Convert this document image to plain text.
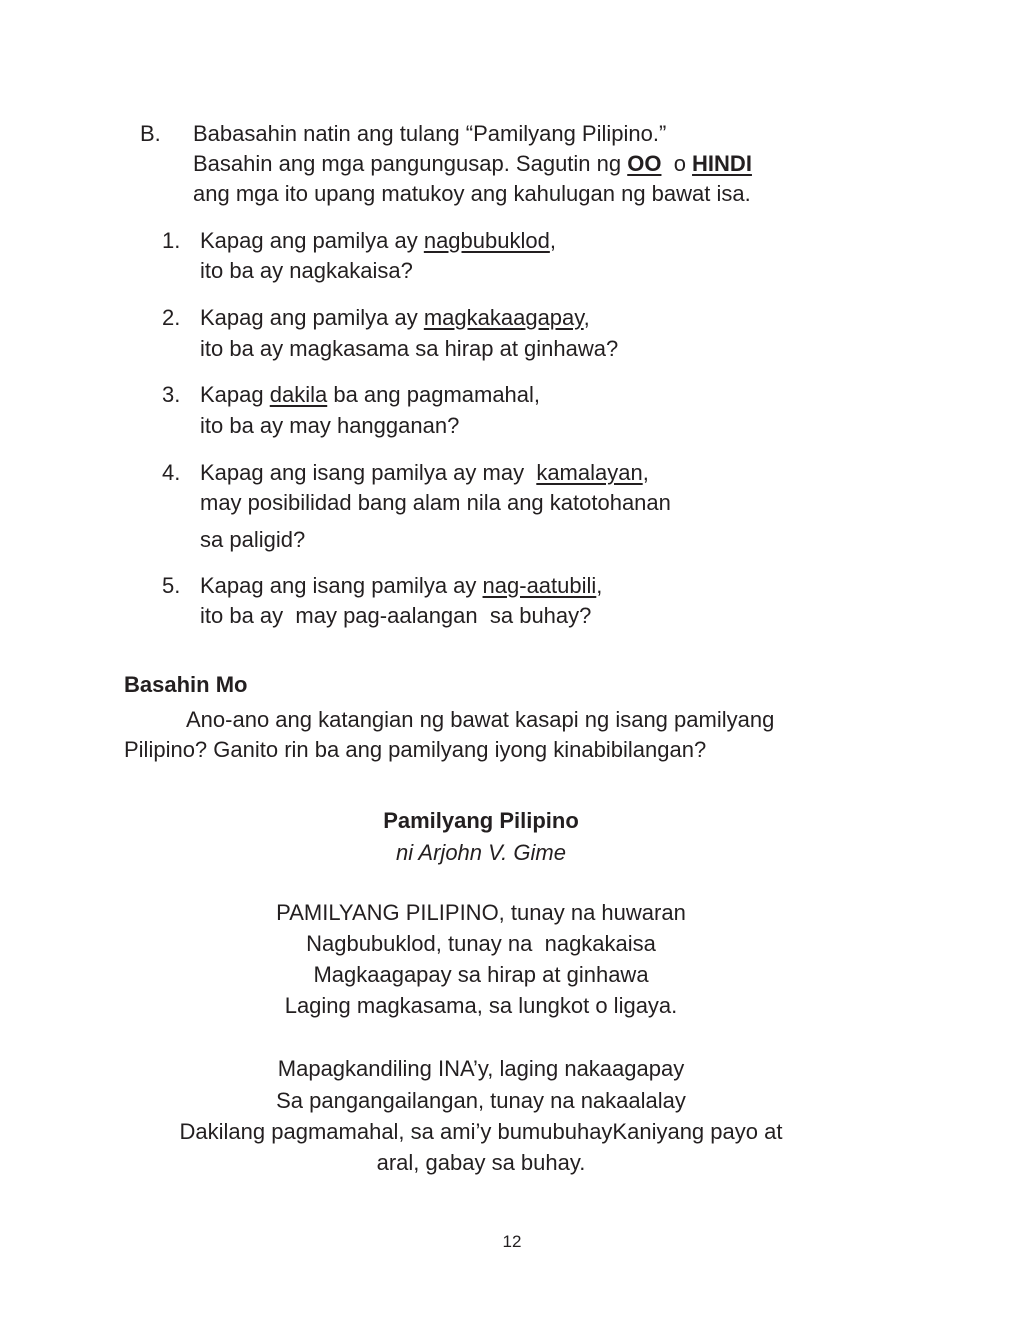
B. Babasahin natin ang tulang “Pamilyang Pilipino.”
Basahin ang mga pangungusap. Sagutin ng OO  o HINDI
ang mga ito upang matukoy ang kahulugan ng bawat isa.
1. Kapag ang pamilya ay nagbubuklod,
ito ba ay nagkakaisa?
2. Kapag ang pamilya ay magkakaagapay,
ito ba ay magkasama sa hirap at ginhawa?
3. Kapag dakila ba ang pagmamahal,
ito ba ay may hangganan?
4. Kapag ang isang pamilya ay may  kamalayan,
may posibilidad bang alam nila ang katotohanan
sa paligid?
5. Kapag ang isang pamilya ay nag-aatubili,
ito ba ay  may pag-aalangan  sa buhay?
Basahin Mo
Ano-ano ang katangian ng bawat kasapi ng isang pamilyang
Pilipino? Ganito rin ba ang pamilyang iyong kinabibilangan?
Pamilyang Pilipino
ni Arjohn V. Gime
PAMILYANG PILIPINO, tunay na huwaran
Nagbubuklod, tunay na  nagkakaisa
Magkaagapay sa hirap at ginhawa
Laging magkasama, sa lungkot o ligaya.
Mapagkandiling INA’y, laging nakaagapay
Sa pangangailangan, tunay na nakaalalay
Dakilang pagmamahal, sa ami’y bumubuhayKaniyang payo at
aral, gabay sa buhay.
12
